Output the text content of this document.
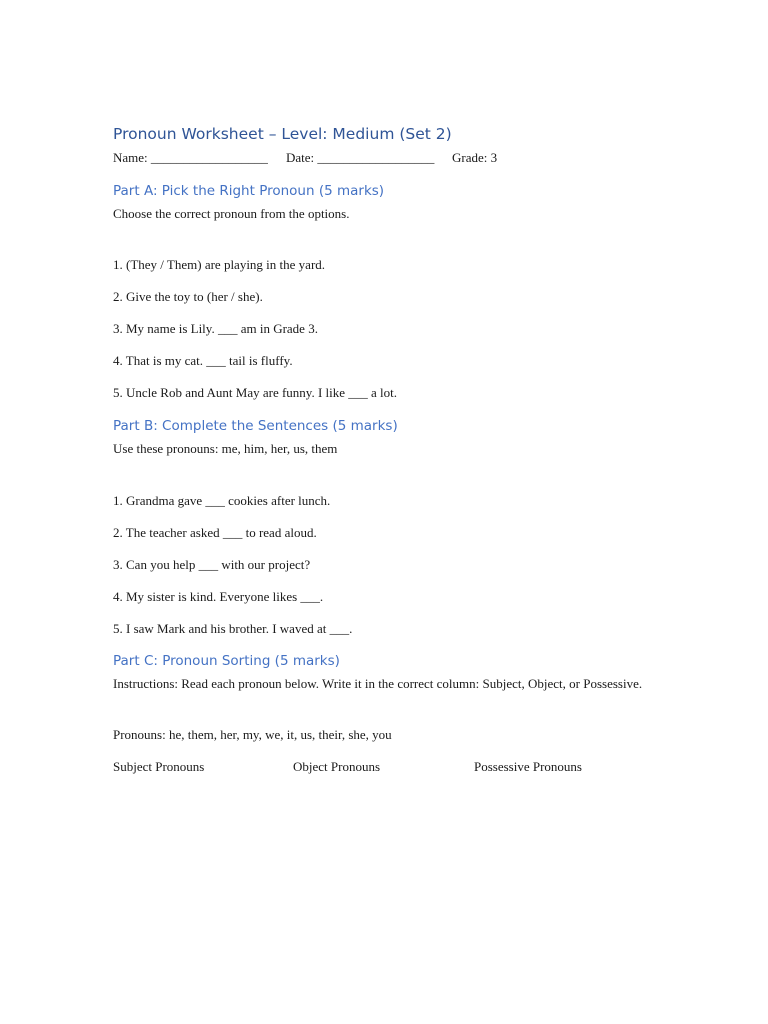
Pronoun Worksheet – Level: Medium (Set 2)
Name: __________________ Date: __________________ Grade: 3
Part A: Pick the Right Pronoun (5 marks)
Choose the correct pronoun from the options.
1. (They / Them) are playing in the yard.
2. Give the toy to (her / she).
3. My name is Lily. ___ am in Grade 3.
4. That is my cat. ___ tail is fluffy.
5. Uncle Rob and Aunt May are funny. I like ___ a lot.
Part B: Complete the Sentences (5 marks)
Use these pronouns: me, him, her, us, them
1. Grandma gave ___ cookies after lunch.
2. The teacher asked ___ to read aloud.
3. Can you help ___ with our project?
4. My sister is kind. Everyone likes ___.
5. I saw Mark and his brother. I waved at ___.
Part C: Pronoun Sorting (5 marks)
Instructions: Read each pronoun below. Write it in the correct column: Subject, Object, or Possessive.
Pronouns: he, them, her, my, we, it, us, their, she, you
Subject Pronouns	Object Pronouns	Possessive Pronouns
